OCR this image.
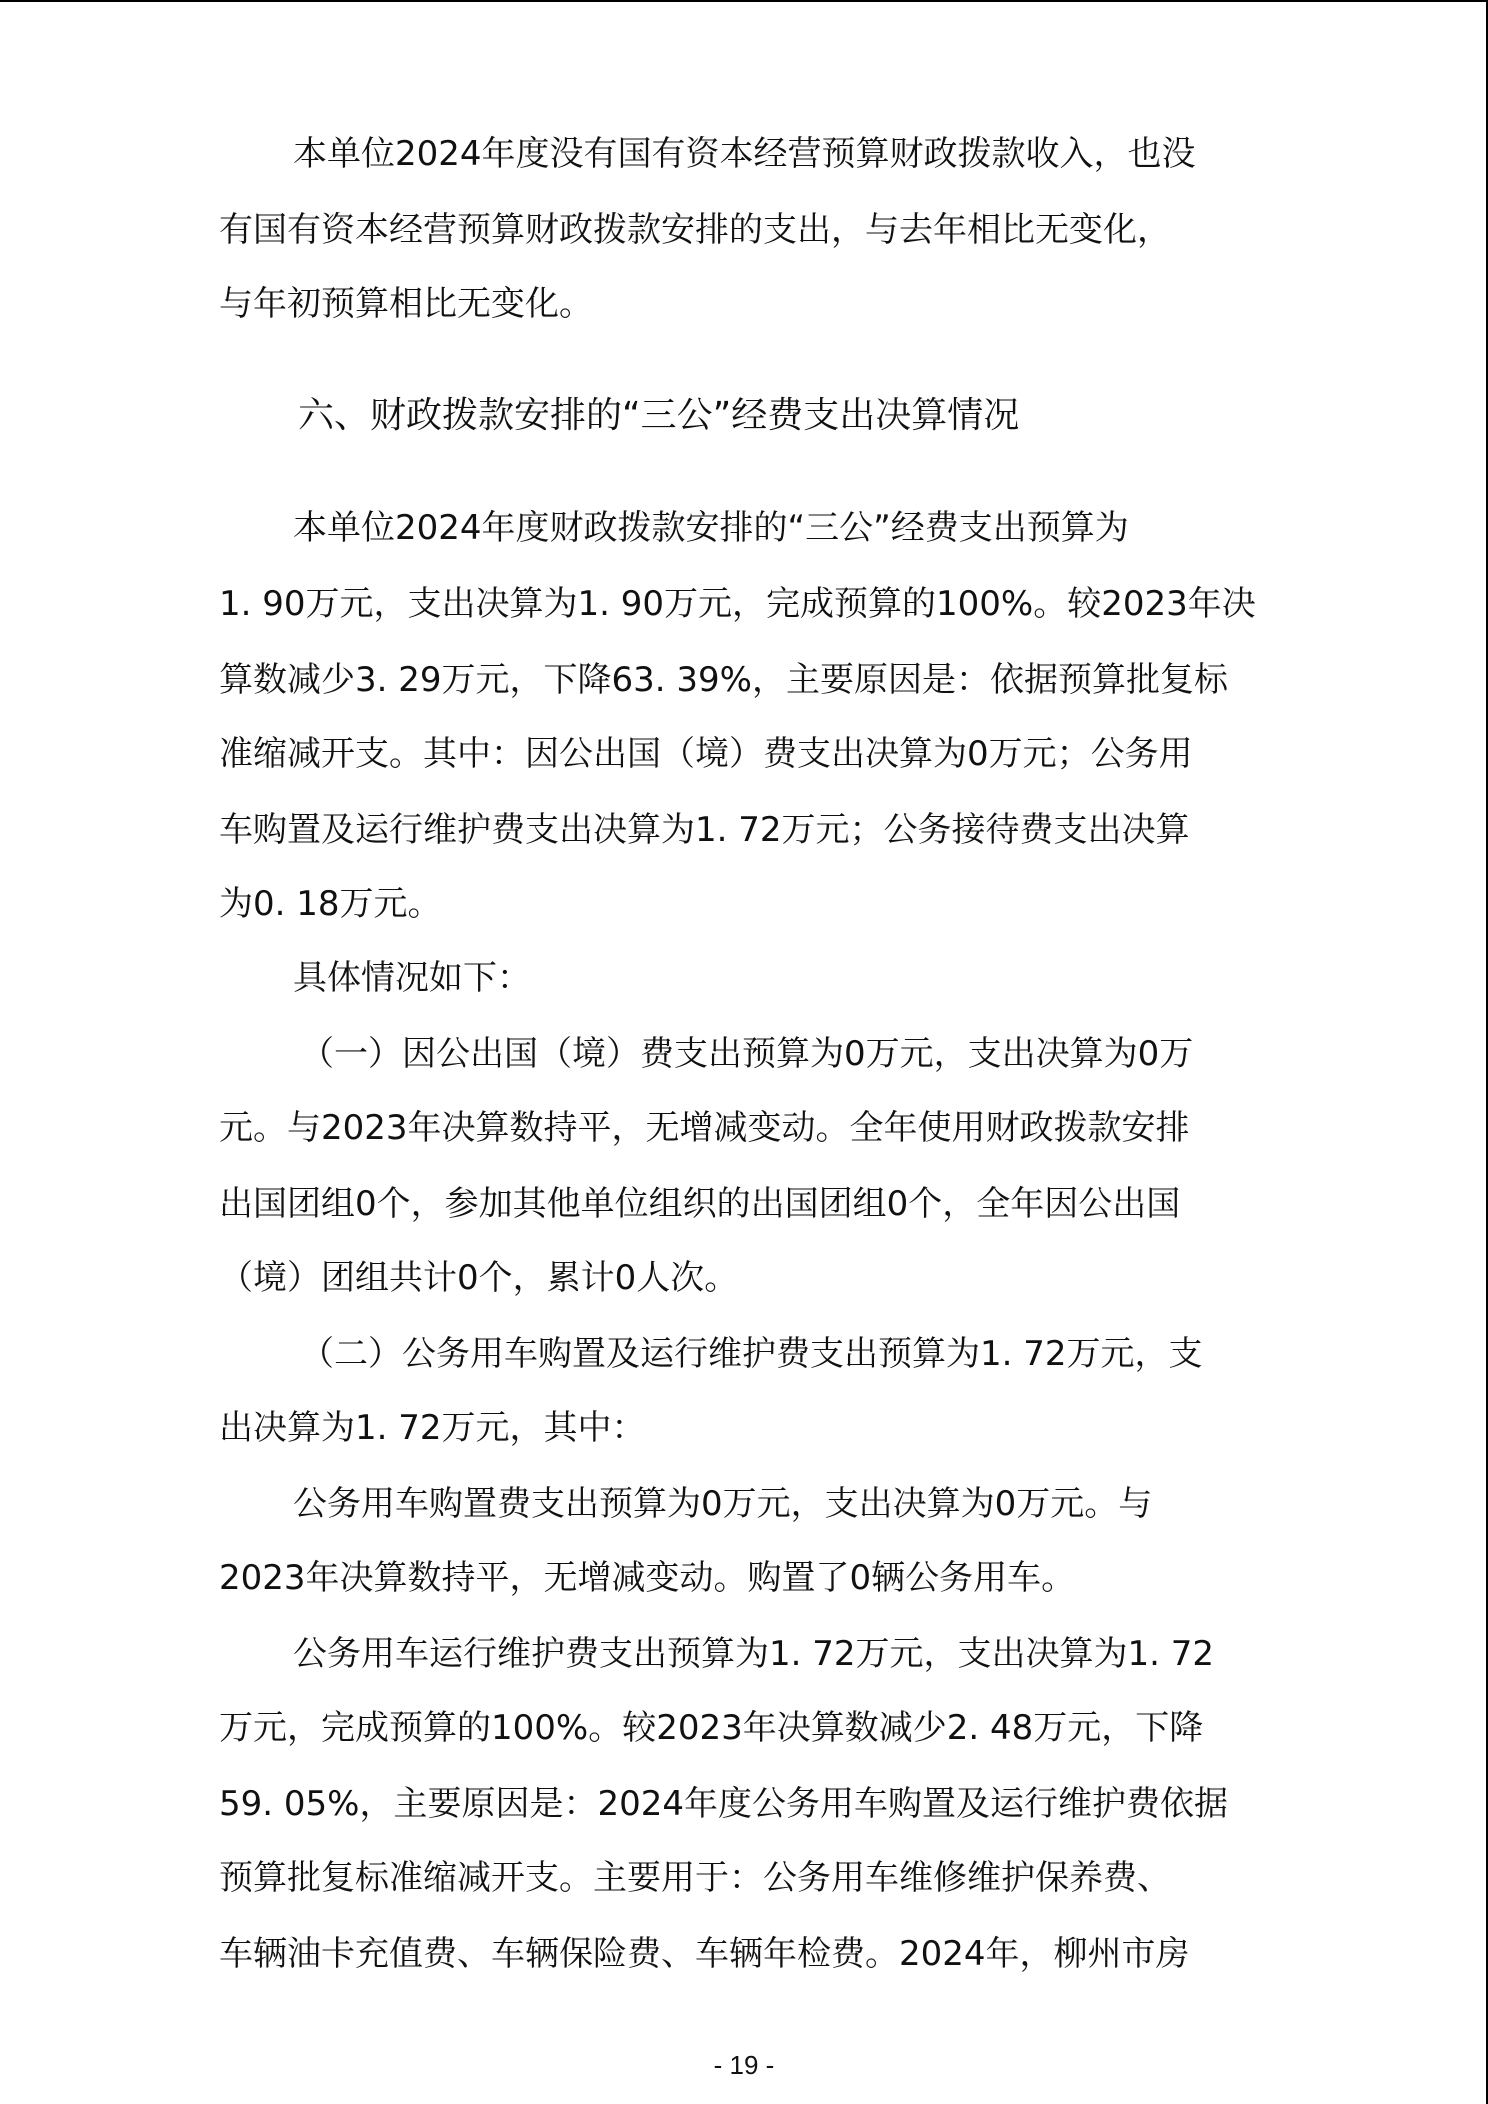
本单位2024年度没有国有资本经营预算财政拨款收入，也没
有国有资本经营预算财政拨款安排的支出，与去年相比无变化，
与年初预算相比无变化。
六、财政拨款安排的“三公”经费支出决算情况
本单位2024年度财政拨款安排的“三公”经费支出预算为
1. 90万元，支出决算为1. 90万元，完成预算的100%。较2023年决
算数减少3. 29万元，下降63. 39%，主要原因是：依据预算批复标
准缩减开支。其中：因公出国（境）费支出决算为0万元；公务用
车购置及运行维护费支出决算为1. 72万元；公务接待费支出决算
为0. 18万元。
具体情况如下：
（一）因公出国（境）费支出预算为0万元，支出决算为0万
元。与2023年决算数持平，无增减变动。全年使用财政拨款安排
出国团组0个，参加其他单位组织的出国团组0个，全年因公出国
（境）团组共计0个，累计0人次。
（二）公务用车购置及运行维护费支出预算为1. 72万元，支
出决算为1. 72万元，其中：
公务用车购置费支出预算为0万元，支出决算为0万元。与
2023年决算数持平，无增减变动。购置了0辆公务用车。
公务用车运行维护费支出预算为1. 72万元，支出决算为1. 72
万元，完成预算的100%。较2023年决算数减少2. 48万元，下降
59. 05%，主要原因是：2024年度公务用车购置及运行维护费依据
预算批复标准缩减开支。主要用于：公务用车维修维护保养费、
车辆油卡充值费、车辆保险费、车辆年检费。2024年，柳州市房
- 19 -
